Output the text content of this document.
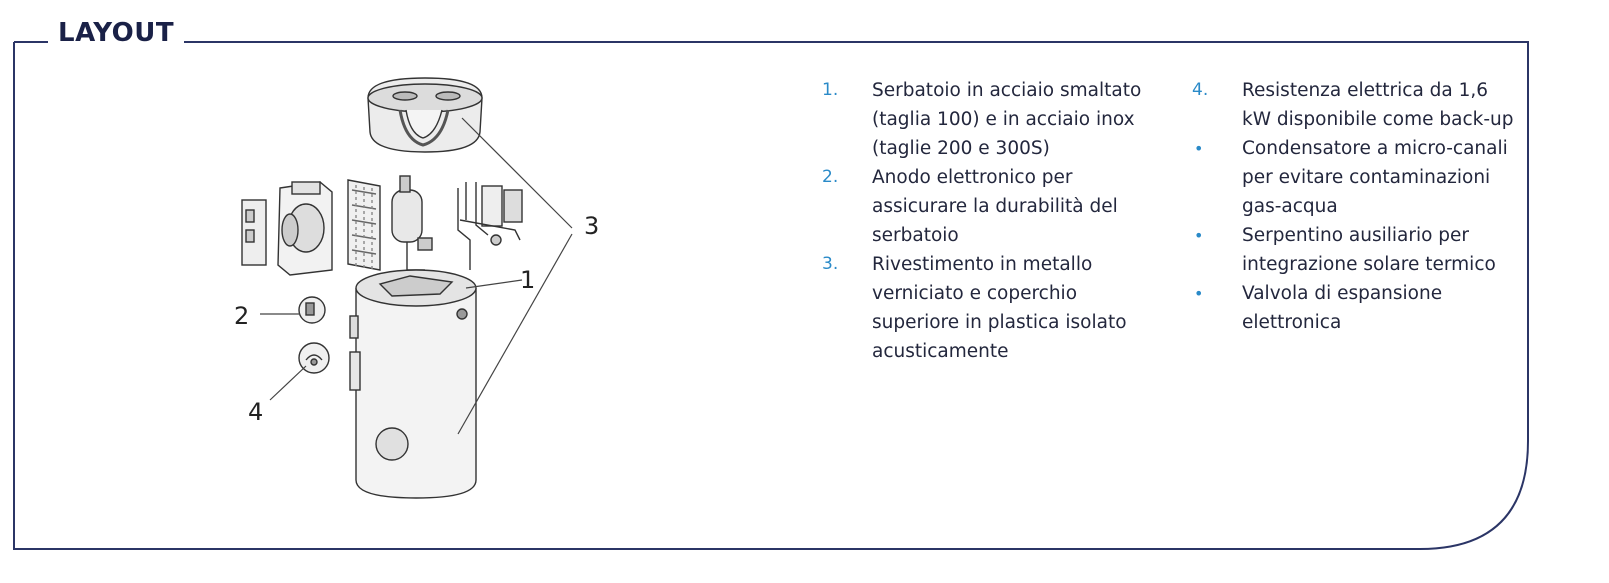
LAYOUT
1
2
3
4
1. Serbatoio in acciaio smaltato (taglia 100) e in acciaio inox (taglie 200 e 300S)
2. Anodo elettronico per assicurare la durabilità del serbatoio
3. Rivestimento in metallo verniciato e coperchio superiore in plastica isolato acusticamente
4. Resistenza elettrica da 1,6 kW disponibile come back-up
• Condensatore a micro-canali per evitare contaminazioni gas-acqua
• Serpentino ausiliario per integrazione solare termico
• Valvola di espansione elettronica
